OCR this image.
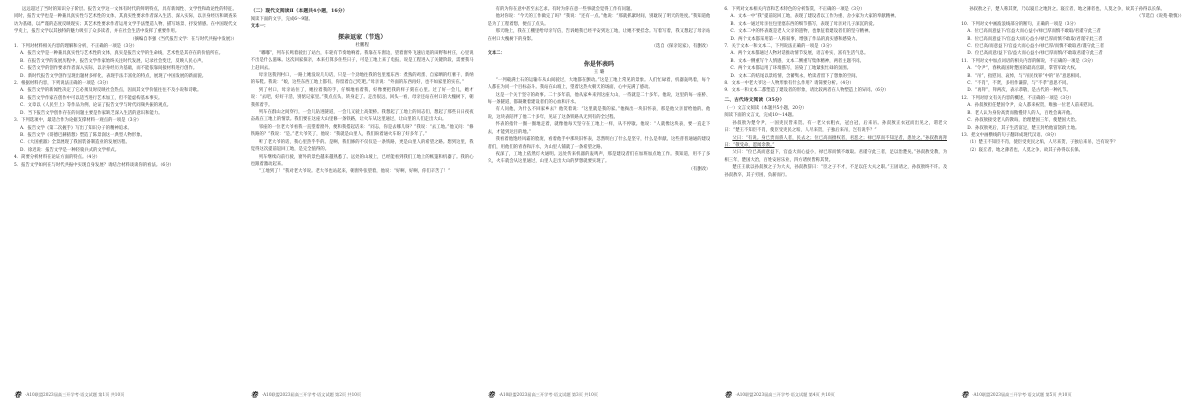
远远超过了当时的知识分子阶层。报告文学这一文体有时代的鲜明特点，具有新闻性、文学性和政论性的特征。同时，报告文学也是一种兼具真实性与艺术性的文体，其真实性要求作者深入生活、深入实际，以亲身经历和调查采访为基础，以严谨的态度反映现实；其艺术性要求作者运用文学手法塑造人物、描写场景、抒发情感。在中国现代文学史上，报告文学以其独特的魅力吸引了众多读者，并在社会生活中发挥了重要作用。

（摘编自李强《当代报告文学：在与时代共振中发展》）

1．下列对材料相关内容的理解和分析，不正确的一项是（3分）

A．报告文学是一种兼具真实性与艺术性的文体，真实是报告文学的生命线，艺术性是其存在的价值所在。

B．在报告文学的发展历程中，报告文学作家始终关注时代发展，记录社会变迁，反映人民心声。

C．报告文学的创作要求作者深入实际，以亲身经历为基础，而不能依靠间接材料进行创作。

D．新时代报告文学创作呈现出题材多样化、表现手法丰富化的特点，展现了中国发展的新面貌。

2．根据材料内容，下列说法正确的一项是（3分）

A．报告文学的新闻性决定了它必须及时反映社会热点，因而其文学价值往往不及小说和诗歌。

B．报告文学作家在创作中可以适当进行艺术加工，但不能虚构基本事实。

C．文章以《人民至上》等作品为例，论证了报告文学与时代同频共振的观点。

D．当下报告文学创作存在的问题主要是作家缺乏深入生活的意识和能力。

3．下列选项中，最适合作为论据支撑材料一观点的一项是（3分）

A．报告文学《第二次握手》写出了知识分子的精神追求。

B．报告文学《哥德巴赫猜想》塑造了陈景润这一典型人物形象。

C．《大国重器》全景展现了我国装备制造业的发展历程。

D．徐迟说：报告文学是一种轻骑兵式的文学样式。

4．简要分析材料在论证方面的特点。（4分）

5．报告文学如何在与时代共振中实现自身发展？请结合材料谈谈你的看法。（6分）

卷 ·A10联盟2023届高三开学考·语文试题 第1页 共10页

（二）现代文阅读Ⅱ（本题共4小题，16分）

阅读下面的文字，完成6～9题。

文本一：

探亲返家（节选）

杜鹏程

“嘟嘟”，列车长鸣着驶出了站台，车轮有节奏地响着。我靠在车窗边，望着窗外飞速后退的田野和村庄，心里说不出是什么滋味。这次回家探亲，本来打算多住些日子，可是工地上来了电报，说是工程进入了关键阶段，需要我马上赶回去。

母亲送我到村口，一路上她没说几句话，只是一个劲地往我的包里塞东西：煮熟的鸡蛋、自家晒的红薯干、新纳的布鞋。我说：“娘，这些东西工地上都有，你留着自己吃吧。”母亲说：“外面的东西再好，也不如家里的实在。”

到了村口，母亲站住了，她拉着我的手，仔细地看着我，好像要把我的样子刻在心里。过了好一会儿，她才说：“去吧，好好干活，别惦记家里。”我点点头，转身走了。走出很远，回头一看，母亲还站在村口的大槐树下，朝我挥着手。

列车在群山之间穿行，一会儿钻进隧道，一会儿又驶上高架桥。我想起了工地上的同志们，想起了那些日日夜夜奋战在工地上的情景。我们要在这座大山里修一条铁路，让火车从这里通过，让山里的人们走出大山。

邻座的一位老大爷看我一直望着窗外，便和我搭起话来：“同志，你是去哪儿呀？”我说：“去工地。”他又问：“修铁路的？”我说：“是。”老大爷笑了，他说：“我就是山里人，我们盼着通火车盼了好多年了。”

听了老大爷的话，我心里热乎乎的。是啊，我们修的不仅仅是一条铁路，更是山里人的希望之路。想到这里，我觉得这次提前返回工地，是完全值得的。

列车继续向前行驶，窗外的景色越来越熟悉了。远处的山坡上，已经能看到我们工地上的帐篷和机器了。我的心也跟着激动起来。

“工地到了！”我对老大爷说。老大爷也站起来，朝窗外张望着，他说：“好啊，好啊，你们辛苦了！”

卷 ·A10联盟2023届高三开学考·语文试题 第2页 共10页

有的为你在意中甚至去乞求。有时为你在意一些事就会觉得工作有问题。

他对你说：“今天的工作做完了吗？”我说：“还有一点。”他说：“那就抓紧时间，别耽误了明天的进度。”我知道他是为了工程着想，便点了点头。

那天晚上，我在工棚里给母亲写信，告诉她我已经平安到达工地，让她不要挂念。写着写着，我又想起了母亲站在村口大槐树下的身影。

（选自《探亲返家》，有删改）

文本二：

你是怀表吗

王 璐

“一列载满土石的运输车从山间驶过，大地都在颤动。”这是工地上常见的景象。人们忙碌着，机器轰鸣着，每个人都在为同一个目标奋斗。我站在山坡上，望着这热火朝天的场面，心中充满了感动。

这是一个关于坚守的故事。二十多年前，他从家乡来到这座大山，一待就是二十多年。他说，这里的每一座桥、每一条隧道，都凝聚着建设者们的心血和汗水。

有人问他，为什么不回家乡去？他笑着说：“这里就是我的家。”他掏出一块旧怀表，那是他父亲留给他的。他说，这块表陪伴了他二十多年，见证了这条铁路从无到有的全过程。

怀表的指针一圈一圈地走着，就像他每天坚守在工地上一样，从不停歇。他说：“人就像这块表，要一直走下去，才能到达目的地。”

我看着他饱经风霜的脸庞，看着他手中那块旧怀表，忽然明白了什么是坚守，什么是奉献。这些普普通通的建设者们，用他们的青春和汗水，为山里人铺就了一条希望之路。

夜深了，工地上依然灯火通明。远处传来机器的轰鸣声，那是建设者们在加班加点地工作。我知道，用不了多久，火车就会从这里通过，山里人走出大山的梦想就要实现了。

（有删改）

卷 ·A10联盟2023届高三开学考·语文试题 第3页 共10页

6．下列对文本相关内容和艺术特色的分析鉴赏，不正确的一项是（3分）

A．文本一中“我”提前返回工地，表现了建设者以工作为重、舍小家为大家的奉献精神。

B．文本一通过母亲往包里塞东西的细节描写，表现了母亲对儿子深沉的爱。

C．文本二中的怀表既是老人父亲的遗物，也象征着建设者们的坚守精神。

D．两个文本都采用第一人称叙事，增强了作品的真实感和感染力。

7．关于文本一和文本二，下列说法正确的一项是（3分）

A．两个文本都通过人物对话推动情节发展，语言朴实，富有生活气息。

B．文本一侧重写个人情感，文本二侧重写集体精神，两者主题不同。

C．两个文本都运用了环境描写，渲染了工地紧张忙碌的氛围。

D．文本二的结尾以景结情，含蓄隽永，给读者留下了想象的空间。

8．文本一中老大爷这一人物形象有什么作用？请简要分析。（4分）

9．文本一和文本二都塑造了建设者的形象，请比较两者在人物塑造上的异同。（6分）

二、古代诗文阅读（35分）

（一）文言文阅读（本题共5小题，20分）

阅读下面的文言文，完成10～14题。

孙叔敖为楚令尹，一国吏民皆来贺。有一老父衣粗衣，冠白冠，后来吊。孙叔敖正衣冠而出见之，谓老父曰：“楚王不知臣不肖，使臣受吏民之垢，人尽来贺，子独后来吊，岂有说乎？”

父曰：“有说。身已贵而骄人者，民去之；位已高而擅权者，君恶之；禄已厚而不知足者，患处之。”孙叔敖再拜曰：“敬受命，愿闻余教。”

父曰：“位已高而意益下，官益大而心益小，禄已厚而慎不敢取。君谨守此三者，足以治楚矣。”孙叔敖受教，为相三年，楚国大治，百姓安居乐业，四方诸侯皆称其贤。

楚庄王欲以孙叔敖之子为大夫，孙叔敖辞曰：“臣之子不才，不足以任大夫之职。”王固请之，孙叔敖终不许。及孙叔敖卒，其子穷困，负薪而行。

卷 ·A10联盟2023届高三开学考·语文试题 第4页 共10页

孙叔敖之子，楚人称其贤，乃以寝丘之地封之。寝丘者，地之薄者也，人莫之争，故其子孙得以长保。

（节选自《说苑·敬慎》）

10．下列对文中画波浪线部分的断句，正确的一项是（3分）

A．位已高而意益下/官益大而心益小/禄已厚而慎不敢取/君谨守此三者

B．位已高而意益下/官益大/而心益小/禄已厚而慎不敢取/君谨守此三者

C．位已高/而意益下/官益大而心益小/禄已厚/而慎不敢取君/谨守此三者

D．位已高而意/益下官/益大而心益小/禄已厚而慎/不敢取君谨守此三者

11．下列对文中加点词语的相关内容的解说，不正确的一项是（3分）

A．“令尹”，春秋战国时楚国的最高官职，掌管军政大权。

B．“吊”，指慰问、哀悼，与“吊民伐罪”中的“吊”意思相同。

C．“不肖”，不贤，多用作谦辞，与“不孝”意思不同。

D．“再拜”，拜两次，表示恭敬，是古代的一种礼节。

12．下列对原文有关内容的概述，不正确的一项是（3分）

A．孙叔敖担任楚国令尹，众人都来祝贺，唯独一位老人前来慰问。

B．老人认为身份高贵而傲慢待人的人，百姓会离开他。

C．孙叔敖接受老人的教诲，治理楚国三年，使楚国大治。

D．孙叔敖死后，其子生活富足，楚王封给他富饶的土地。

13．把文中画横线的句子翻译成现代汉语。（8分）

（1）楚王不知臣不肖，使臣受吏民之垢，人尽来贺，子独后来吊，岂有说乎？

（2）寝丘者，地之薄者也，人莫之争，故其子孙得以长保。

卷 ·A10联盟2023届高三开学考·语文试题 第5页 共10页
